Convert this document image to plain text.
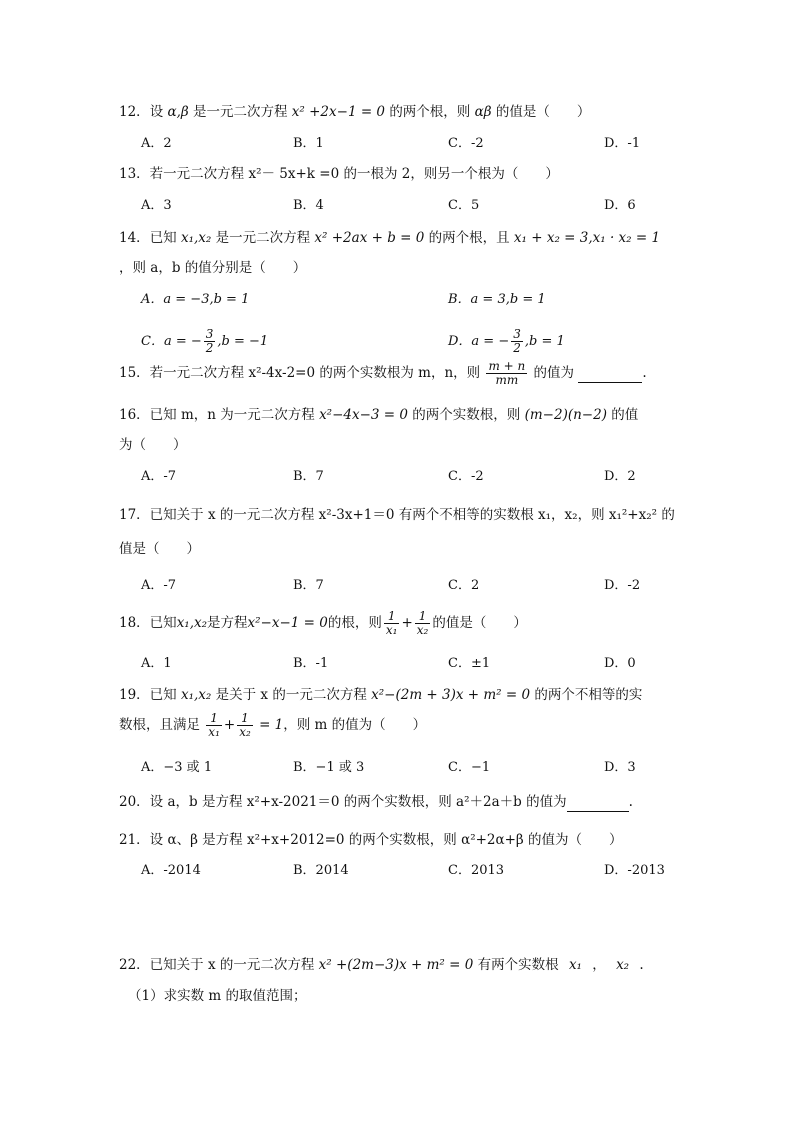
12．设 α,β 是一元二次方程 x² +2x−1 = 0 的两个根，则 αβ 的值是（　　）
A．2	B．1	C．-2	D．-1
13．若一元二次方程 x²－ 5x+k =0 的一根为 2，则另一个根为（　　）
A．3	B．4	C．5	D．6
14．已知 x₁,x₂ 是一元二次方程 x² +2ax + b = 0 的两个根，且 x₁ + x₂ = 3,x₁ · x₂ = 1
，则 a，b 的值分别是（　　）
A．a = −3,b = 1	B．a = 3,b = 1
C．a = − $\frac{3}{2} ,b = -1$	D．a = − $\frac{3}{2} ,b = 1$
15．若一元二次方程 x²-4x-2=0 的两个实数根为 m，n，则 $\frac{m + n}{mm}$ 的值为	.
16．已知 m，n 为一元二次方程 x²−4x−3 = 0 的两个实数根，则 (m−2)(n−2) 的值
为（　　）
A．-7	B．7	C．-2	D．2
17．已知关于 x 的一元二次方程 x²-3x+1＝0 有两个不相等的实数根 x₁，x₂，则 x₁²+x₂² 的
值是（　　）
A．-7	B．7	C．2	D．-2
18．已知x₁,x₂是方程x²−x−1 = 0的根，则 $\frac{1}{\text{x₁}} + \frac{1}{\text{x₂}}$ 的值是（　　）
A．1	B．-1	C．±1	D．0
19．已知 x₁,x₂ 是关于 x 的一元二次方程 x²−(2m + 3)x + m² = 0 的两个不相等的实
数根，且满足 $\frac{1}{\text{x₁}} + \frac{1}{\text{x₂}} = 1$，则 m 的值为（　　）
A．−3 或 1	B．−1 或 3	C．−1	D．3
20．设 a，b 是方程 x²+x-2021＝0 的两个实数根，则 a²＋2a＋b 的值为	.
21．设 α、β 是方程 x²+x+2012=0 的两个实数根，则 α²+2α+β 的值为（　　）
A．-2014	B．2014	C．2013	D．-2013
22．已知关于 x 的一元二次方程 x² +(2m−3)x + m² = 0 有两个实数根 x₁ ， x₂ .
（1）求实数 m 的取值范围；
